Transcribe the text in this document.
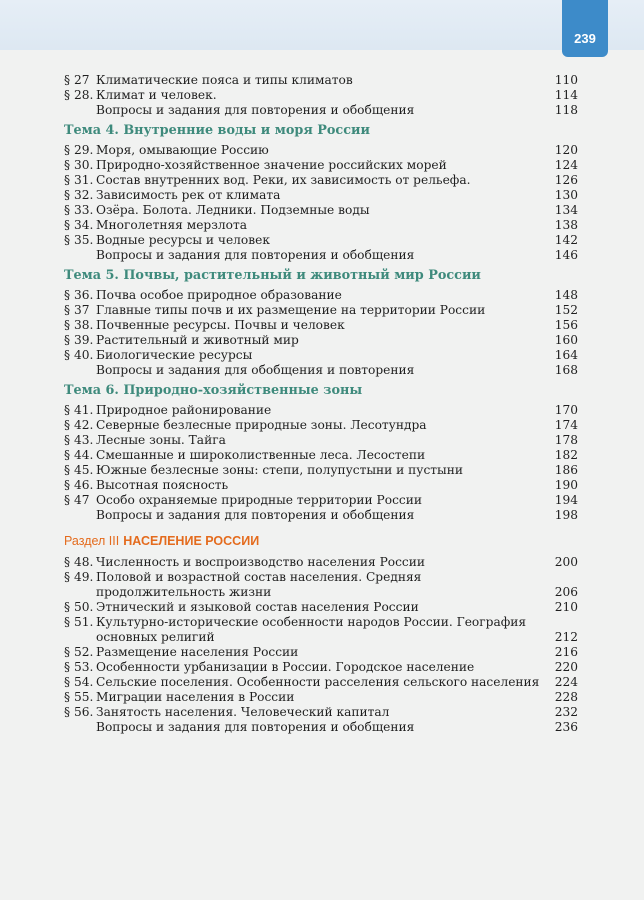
239
§ 27 Климатические пояса и типы климатов	110
§ 28. Климат и человек.	114
Вопросы и задания для повторения и обобщения	118
Тема 4. Внутренние воды и моря России
§ 29. Моря, омывающие Россию	120
§ 30. Природно-хозяйственное значение российских морей	124
§ 31. Состав внутренних вод. Реки, их зависимость от рельефа.	126
§ 32. Зависимость рек от климата	130
§ 33. Озёра. Болота. Ледники. Подземные воды	134
§ 34. Многолетняя мерзлота	138
§ 35. Водные ресурсы и человек	142
Вопросы и задания для повторения и обобщения	146
Тема 5. Почвы, растительный и животный мир России
§ 36. Почва особое природное образование	148
§ 37 Главные типы почв и их размещение на территории России	152
§ 38. Почвенные ресурсы. Почвы и человек	156
§ 39. Растительный и животный мир	160
§ 40. Биологические ресурсы	164
Вопросы и задания для обобщения и повторения	168
Тема 6. Природно-хозяйственные зоны
§ 41. Природное районирование	170
§ 42. Северные безлесные природные зоны. Лесотундра	174
§ 43. Лесные зоны. Тайга	178
§ 44. Смешанные и широколиственные леса. Лесостепи	182
§ 45. Южные безлесные зоны: степи, полупустыни и пустыни	186
§ 46. Высотная поясность	190
§ 47 Особо охраняемые природные территории России	194
Вопросы и задания для повторения и обобщения	198
Раздел III НАСЕЛЕНИЕ РОССИИ
§ 48. Численность и воспроизводство населения России	200
§ 49. Половой и возрастной состав населения. Средняя продолжительность жизни	206
§ 50. Этнический и языковой состав населения России	210
§ 51. Культурно-исторические особенности народов России. География основных религий	212
§ 52. Размещение населения России	216
§ 53. Особенности урбанизации в России. Городское население	220
§ 54. Сельские поселения. Особенности расселения сельского населения 224
§ 55. Миграции населения в России	228
§ 56. Занятость населения. Человеческий капитал	232
Вопросы и задания для повторения и обобщения	236
